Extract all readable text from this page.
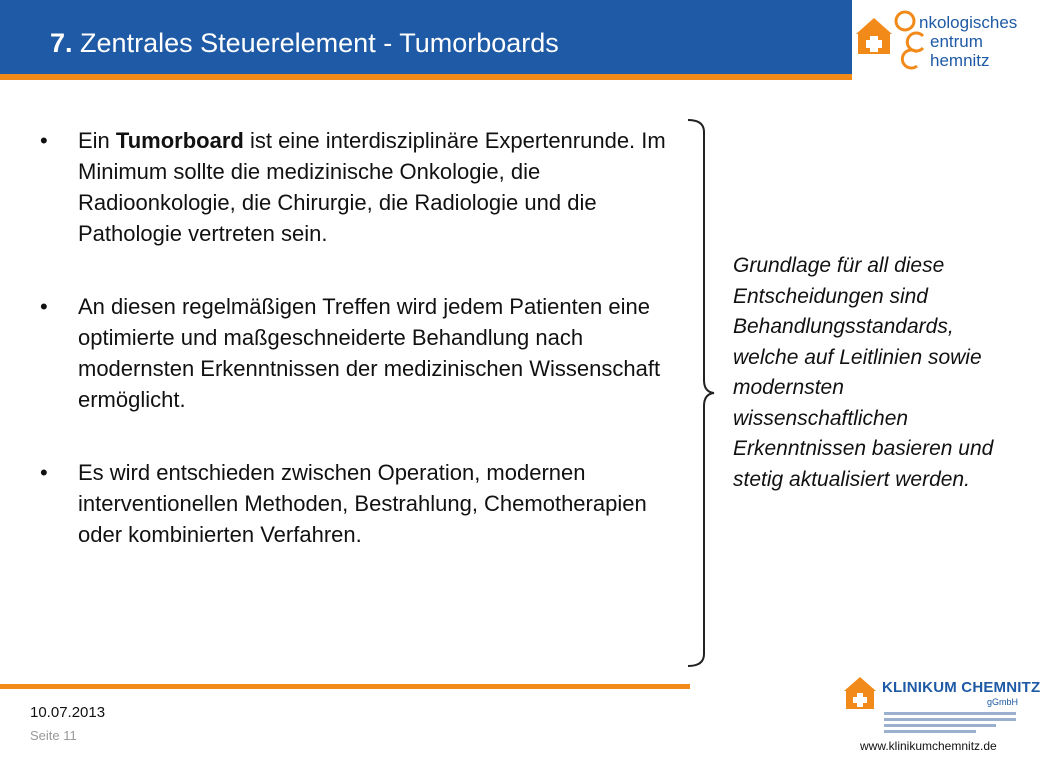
7. Zentrales Steuerelement - Tumorboards
nkologisches
entrum
hemnitz
• Ein Tumorboard ist eine interdisziplinäre Expertenrunde. Im Minimum sollte die medizinische Onkologie, die Radioonkologie, die Chirurgie, die Radiologie und die Pathologie vertreten sein.
• An diesen regelmäßigen Treffen wird jedem Patienten eine optimierte und maßgeschneiderte Behandlung nach modernsten Erkenntnissen der medizinischen Wissenschaft ermöglicht.
• Es wird entschieden zwischen Operation, modernen interventionellen Methoden, Bestrahlung, Chemotherapien oder kombinierten Verfahren.
Grundlage für all diese Entscheidungen sind Behandlungsstandards, welche auf Leitlinien sowie modernsten wissenschaftlichen Erkenntnissen basieren und stetig aktualisiert werden.
10.07.2013
Seite 11
KLINIKUM CHEMNITZ
gGmbH
www.klinikumchemnitz.de
